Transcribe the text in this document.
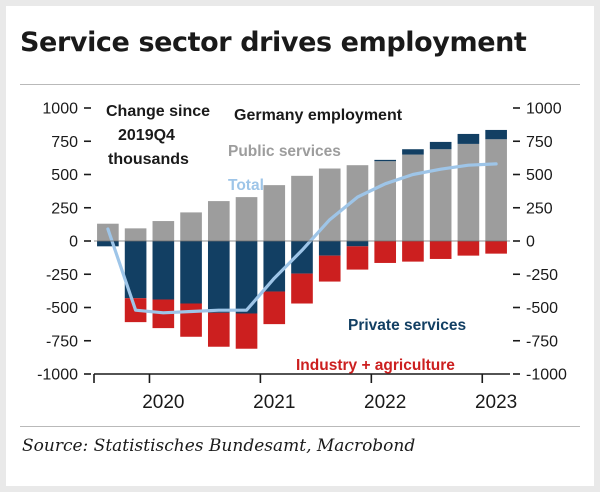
Service sector drives employment
-1000	-1000
-750	-750
-500	-500
-250	-250
0	0
250	250
500	500
750	750
1000	1000
2020	2021	2022	2023
Change since
2019Q4
thousands
Germany employment
Public services
Total
Private services
Industry + agriculture
Source: Statistisches Bundesamt, Macrobond
